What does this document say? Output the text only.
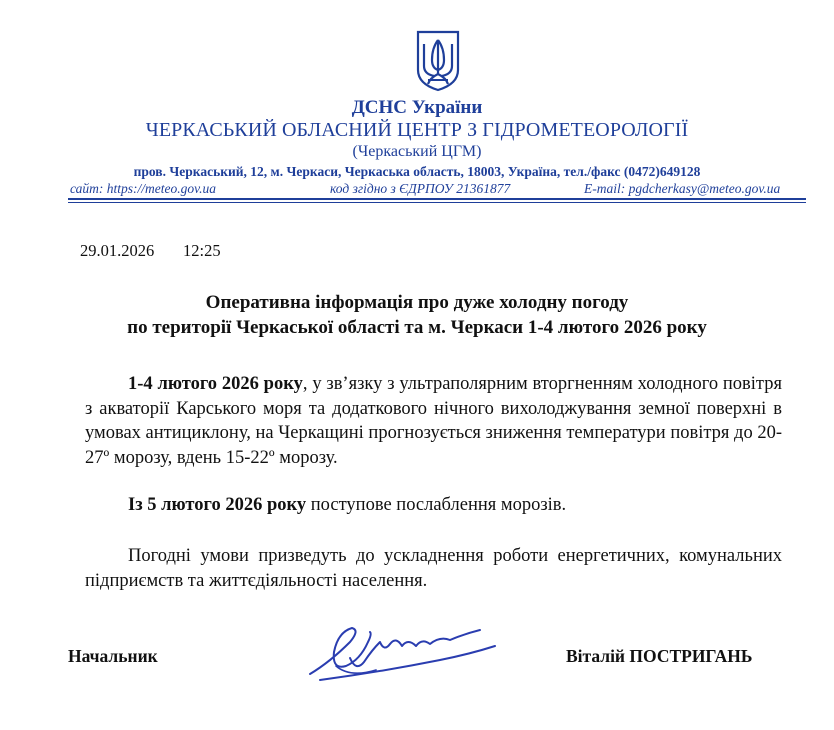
ДСНС України
ЧЕРКАСЬКИЙ ОБЛАСНИЙ ЦЕНТР З ГІДРОМЕТЕОРОЛОГІЇ
(Черкаський ЦГМ)
пров. Черкаський, 12, м. Черкаси, Черкаська область, 18003, Україна, тел./факс (0472)649128
сайт: https://meteo.gov.ua	код згідно з ЄДРПОУ 21361877	E-mail: pgdcherkasy@meteo.gov.ua
29.01.2026 12:25
Оперативна інформація про дуже холодну погоду
по території Черкаської області та м. Черкаси 1-4 лютого 2026 року
1-4 лютого 2026 року, у зв’язку з ультраполярним вторгненням холодного повітря з акваторії Карського моря та додаткового нічного вихолоджування земної поверхні в умовах антициклону, на Черкащині прогнозується зниження температури повітря до 20-27º морозу, вдень 15-22º морозу.
Із 5 лютого 2026 року поступове послаблення морозів.
Погодні умови призведуть до ускладнення роботи енергетичних, комунальних підприємств та життєдіяльності населення.
Начальник	Віталій ПОСТРИГАНЬ
